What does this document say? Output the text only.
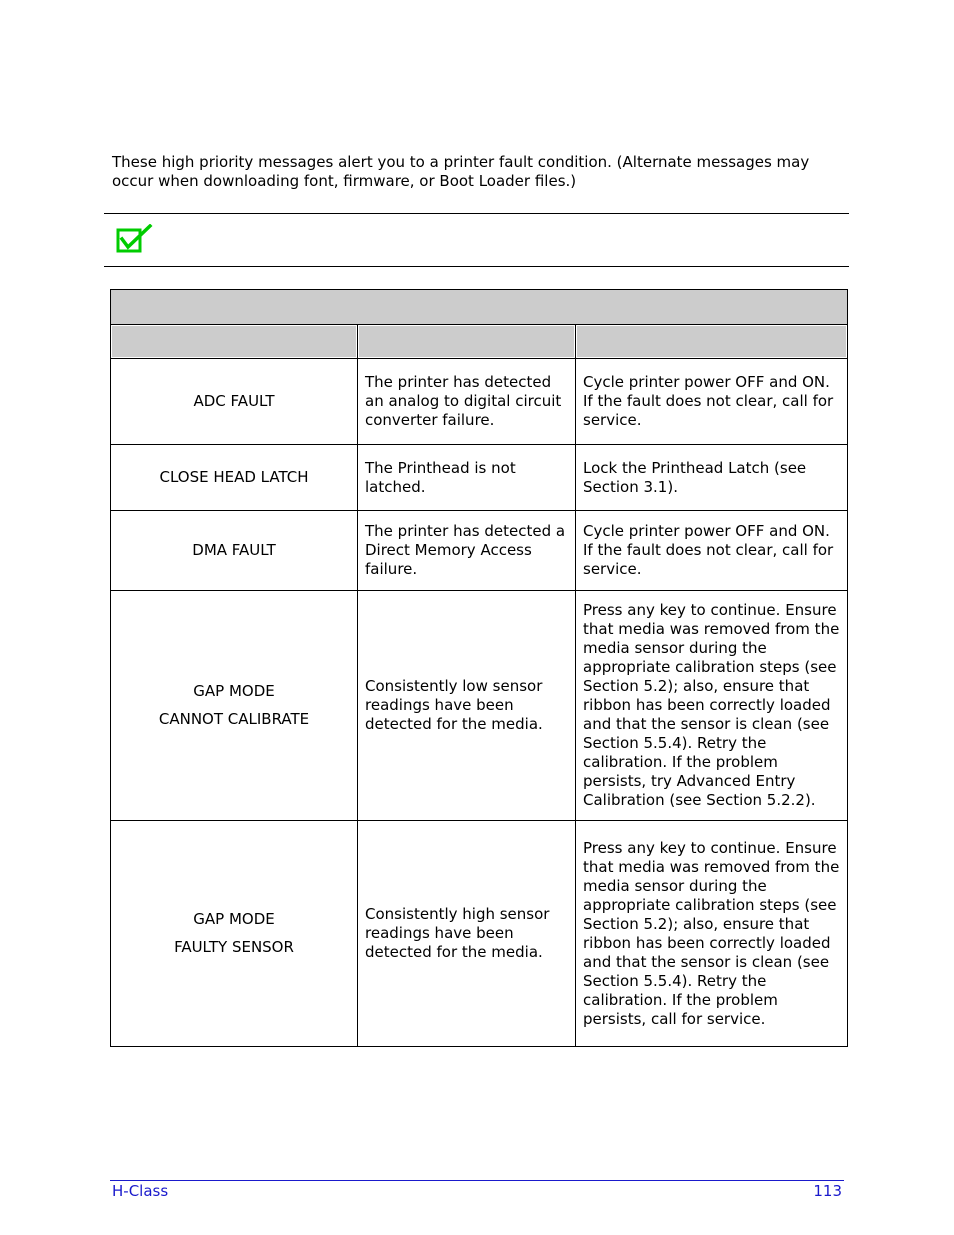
These high priority messages alert you to a printer fault condition. (Alternate messages may occur when downloading font, firmware, or Boot Loader files.)

ADC FAULT	The printer has detected an analog to digital circuit converter failure.	Cycle printer power OFF and ON. If the fault does not clear, call for service.

CLOSE HEAD LATCH	The Printhead is not latched.	Lock the Printhead Latch (see Section 3.1).

DMA FAULT	The printer has detected a Direct Memory Access failure.	Cycle printer power OFF and ON. If the fault does not clear, call for service.

GAP MODE
CANNOT CALIBRATE	Consistently low sensor readings have been detected for the media.	Press any key to continue. Ensure that media was removed from the media sensor during the appropriate calibration steps (see Section 5.2); also, ensure that ribbon has been correctly loaded and that the sensor is clean (see Section 5.5.4). Retry the calibration. If the problem persists, try Advanced Entry Calibration (see Section 5.2.2).

GAP MODE
FAULTY SENSOR	Consistently high sensor readings have been detected for the media.	Press any key to continue. Ensure that media was removed from the media sensor during the appropriate calibration steps (see Section 5.2); also, ensure that ribbon has been correctly loaded and that the sensor is clean (see Section 5.5.4). Retry the calibration. If the problem persists, call for service.
H-Class	113
